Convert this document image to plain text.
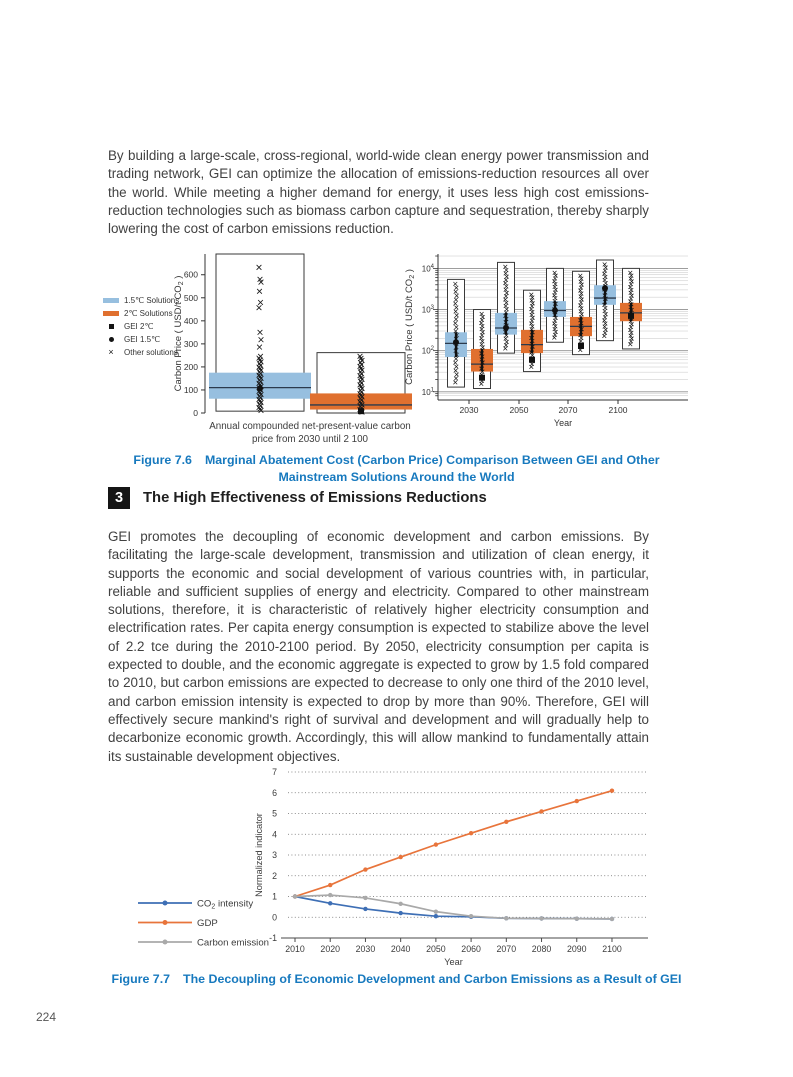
By building a large-scale, cross-regional, world-wide clean energy power transmission and trading network, GEI can optimize the allocation of emissions-reduction resources all over the world. While meeting a higher demand for energy, it uses less high cost emissions-reduction technologies such as biomass carbon capture and sequestration, thereby sharply lowering the cost of carbon emissions reduction.

1.5℃ Solutions
2℃ Solutions
GEI 2℃
GEI 1.5℃
× Other solutions
0
100
200
300
400
500
600
Carbon Price ( USD/t $CO_2$ )
Annual compounded net-present-value carbon
price from 2030 until 2 100
$10^1$
$10^2$
$10^3$
$10^4$
Carbon Price ( USD/t $CO_2$ )
2030	2050	2070	2100
Year
Figure 7.6 Marginal Abatement Cost (Carbon Price) Comparison Between GEI and Other
Mainstream Solutions Around the World
3	The High Effectiveness of Emissions Reductions

GEI promotes the decoupling of economic development and carbon emissions. By facilitating the large-scale development, transmission and utilization of clean energy, it supports the economic and social development of various countries with, in particular, reliable and sufficient supplies of energy and electricity. Compared to other mainstream solutions, therefore, it is characteristic of relatively higher electricity consumption and electrification rates. Per capita energy consumption is expected to stabilize above the level of 2.2 tce during the 2010-2100 period. By 2050, electricity consumption per capita is expected to double, and the economic aggregate is expected to grow by 1.5 fold compared to 2010, but carbon emissions are expected to decrease to only one third of the 2010 level, and carbon emission intensity is expected to drop by more than 90%. Therefore, GEI will effectively secure mankind's right of survival and development and will gradually help to decarbonize economic growth. Accordingly, this will allow mankind to fundamentally attain its sustainable development objectives.

-1
0
1
2
3
4
5
6
7
Normalized indicator
2010 2020 2030 2040 2050 2060 2070 2080 2090 2100
Year
$CO_2$ intensity
GDP
Carbon emission
Figure 7.7 The Decoupling of Economic Development and Carbon Emissions as a Result of GEI
224
